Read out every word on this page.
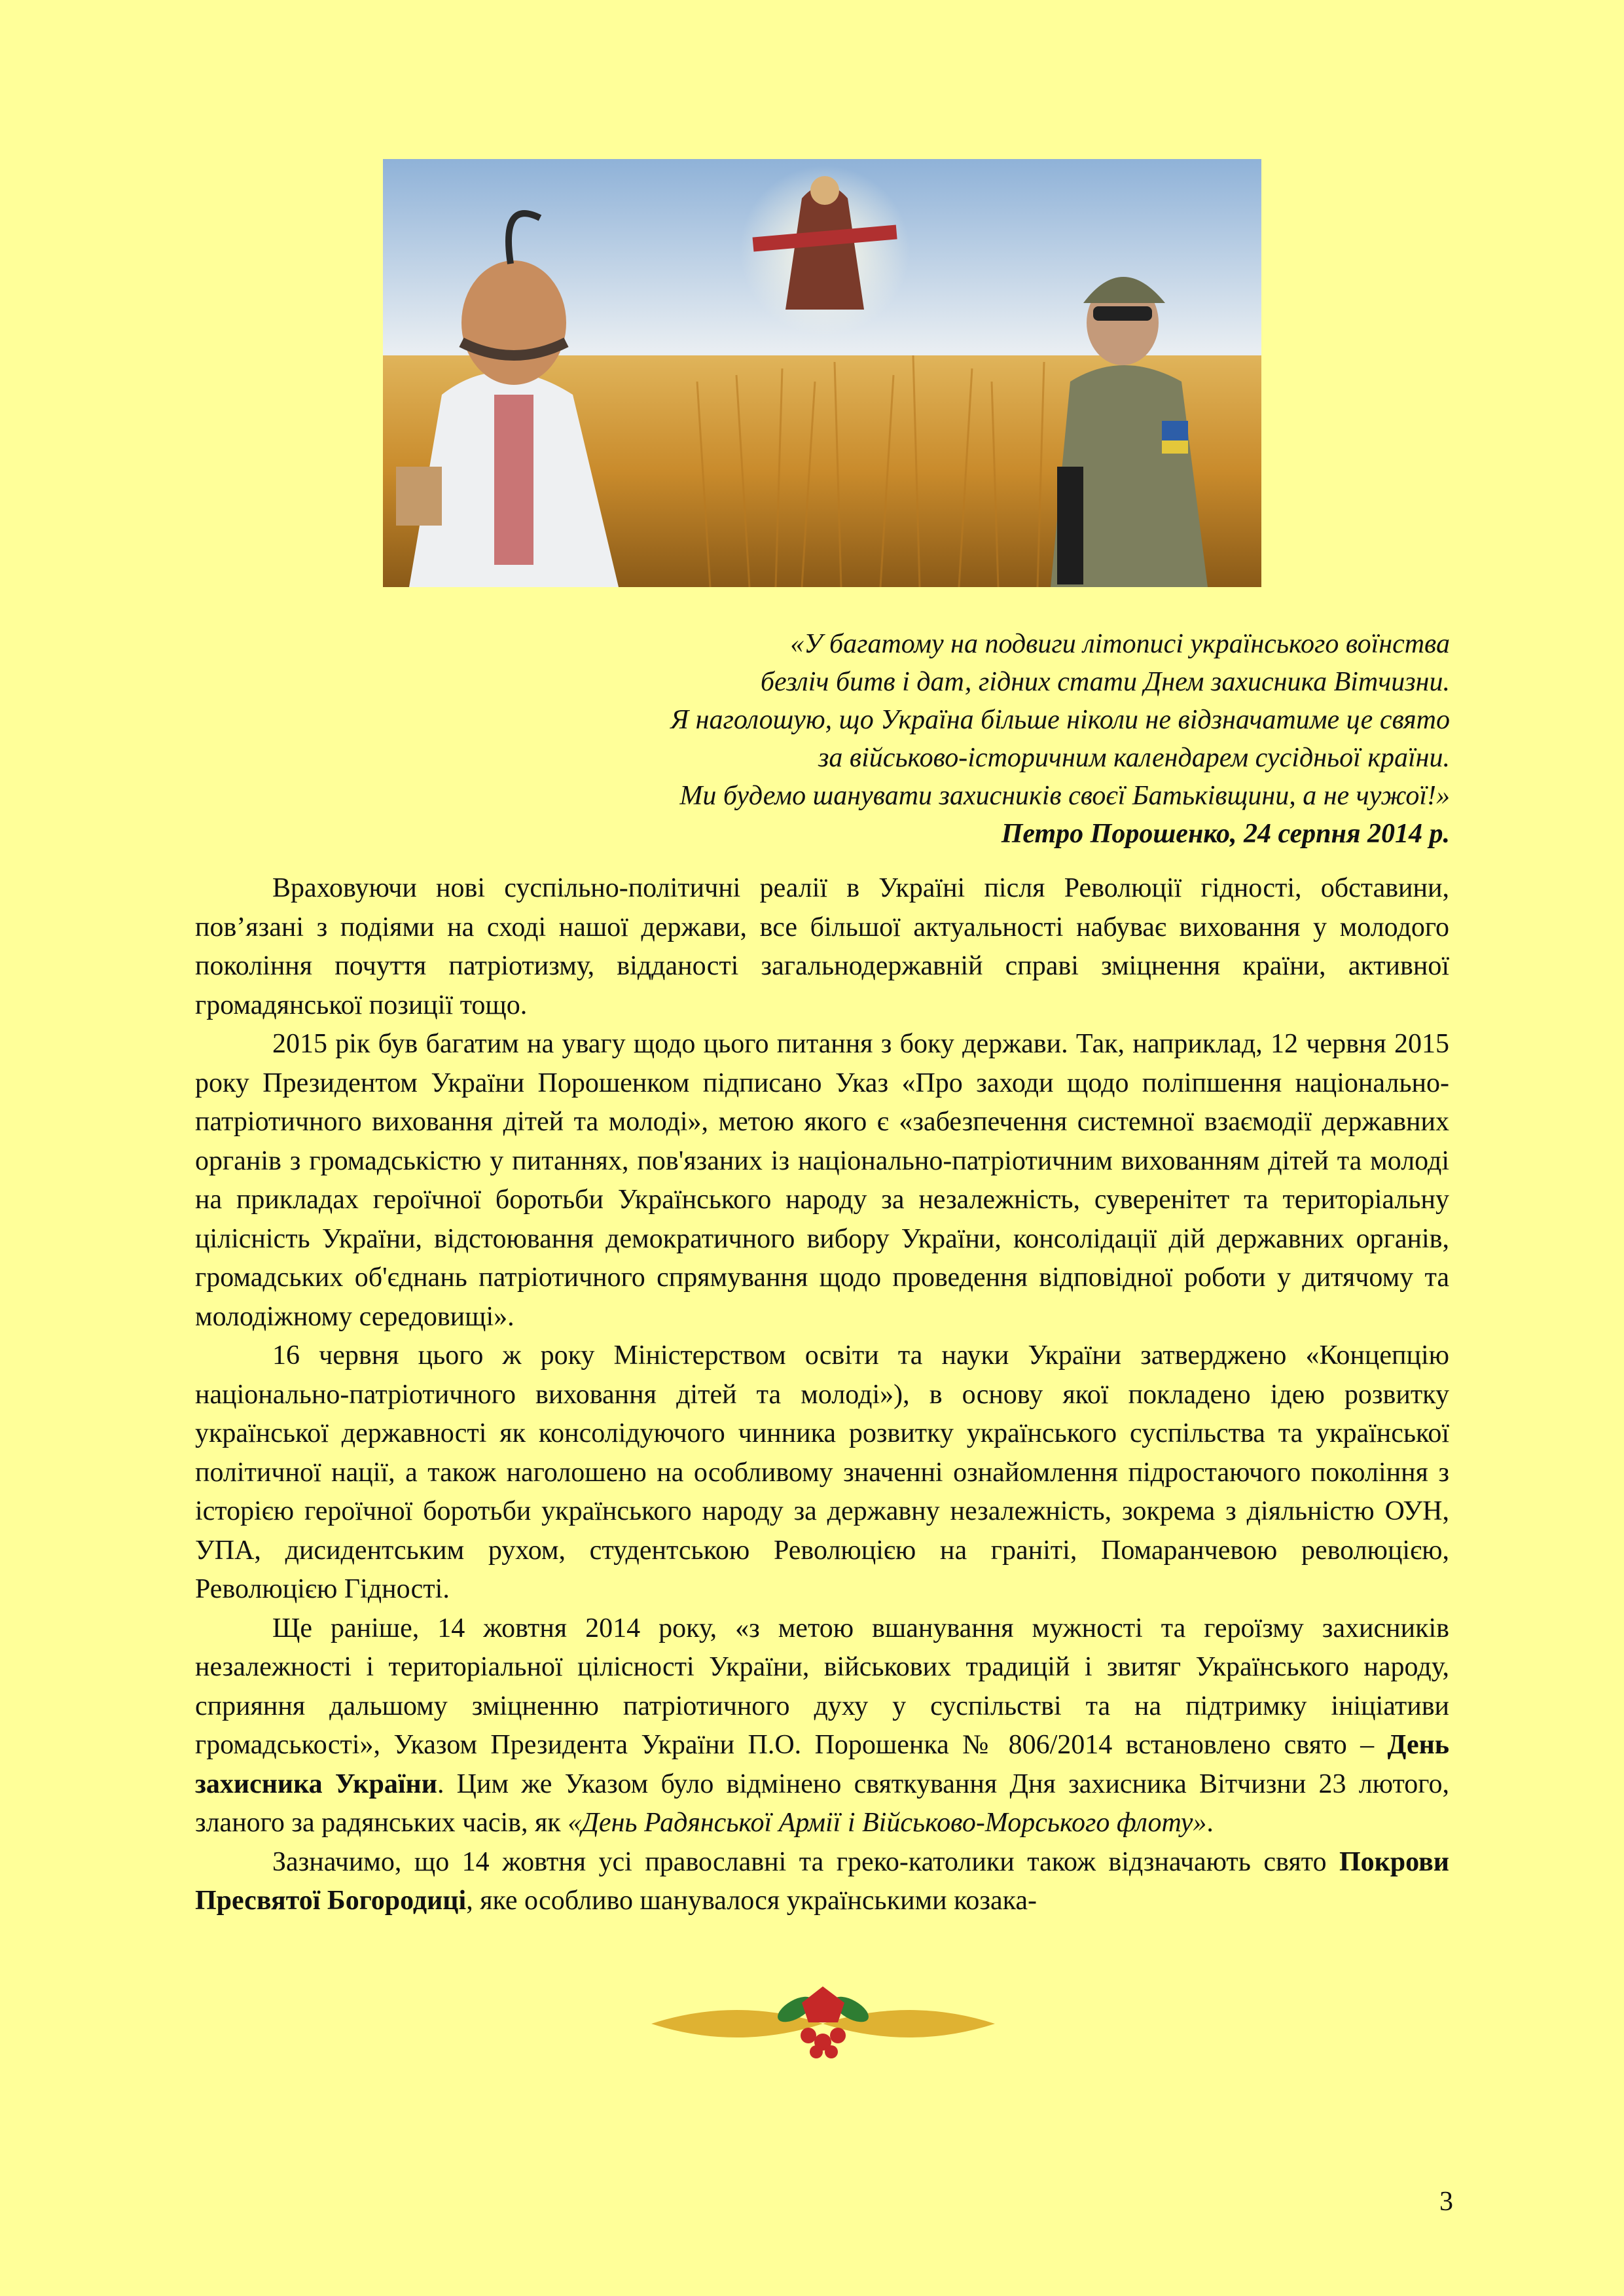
«У багатому на подвиги літописі українського воїнства
безліч битв і дат, гідних стати Днем захисника Вітчизни.
Я наголошую, що Україна більше ніколи не відзначатиме це свято
за військово-історичним календарем сусідньої країни.
Ми будемо шанувати захисників своєї Батьківщини, а не чужої!»
Петро Порошенко, 24 серпня 2014 р.

Враховуючи нові суспільно-політичні реалії в Україні після Революції гідності, обставини, пов’язані з подіями на сході нашої держави, все більшої актуальності набуває виховання у молодого покоління почуття патріотизму, відданості загальнодержавній справі зміцнення країни, активної громадянської позиції тощо.

2015 рік був багатим на увагу щодо цього питання з боку держави. Так, наприклад, 12 червня 2015 року Президентом України Порошенком підписано Указ «Про заходи щодо поліпшення національно-патріотичного виховання дітей та молоді», метою якого є «забезпечення системної взаємодії державних органів з громадськістю у питаннях, пов'язаних із національно-патріотичним вихованням дітей та молоді на прикладах героїчної боротьби Українського народу за незалежність, суверенітет та територіальну цілісність України, відстоювання демократичного вибору України, консолідації дій державних органів, громадських об'єднань патріотичного спрямування щодо проведення відповідної роботи у дитячому та молодіжному середовищі».

16 червня цього ж року Міністерством освіти та науки України затверджено «Концепцію національно-патріотичного виховання дітей та молоді»), в основу якої покладено ідею розвитку української державності як консолідуючого чинника розвитку українського суспільства та української політичної нації, а також наголошено на особливому значенні ознайомлення підростаючого покоління з історією героїчної боротьби українського народу за державну незалежність, зокрема з діяльністю ОУН, УПА, дисидентським рухом, студентською Революцією на граніті, Помаранчевою революцією, Революцією Гідності.

Ще раніше, 14 жовтня 2014 року, «з метою вшанування мужності та героїзму захисників незалежності і територіальної цілісності України, військових традицій і звитяг Українського народу, сприяння дальшому зміцненню патріотичного духу у суспільстві та на підтримку ініціативи громадськості», Указом Президента України П.О. Порошенка № 806/2014 встановлено свято – День захисника України. Цим же Указом було відмінено святкування Дня захисника Вітчизни 23 лютого, зланого за радянських часів, як «День Радянської Армії і Військово-Морського флоту».

Зазначимо, що 14 жовтня усі православні та греко-католики також відзначають свято Покрови Пресвятої Богородиці, яке особливо шанувалося українськими козака-

3
